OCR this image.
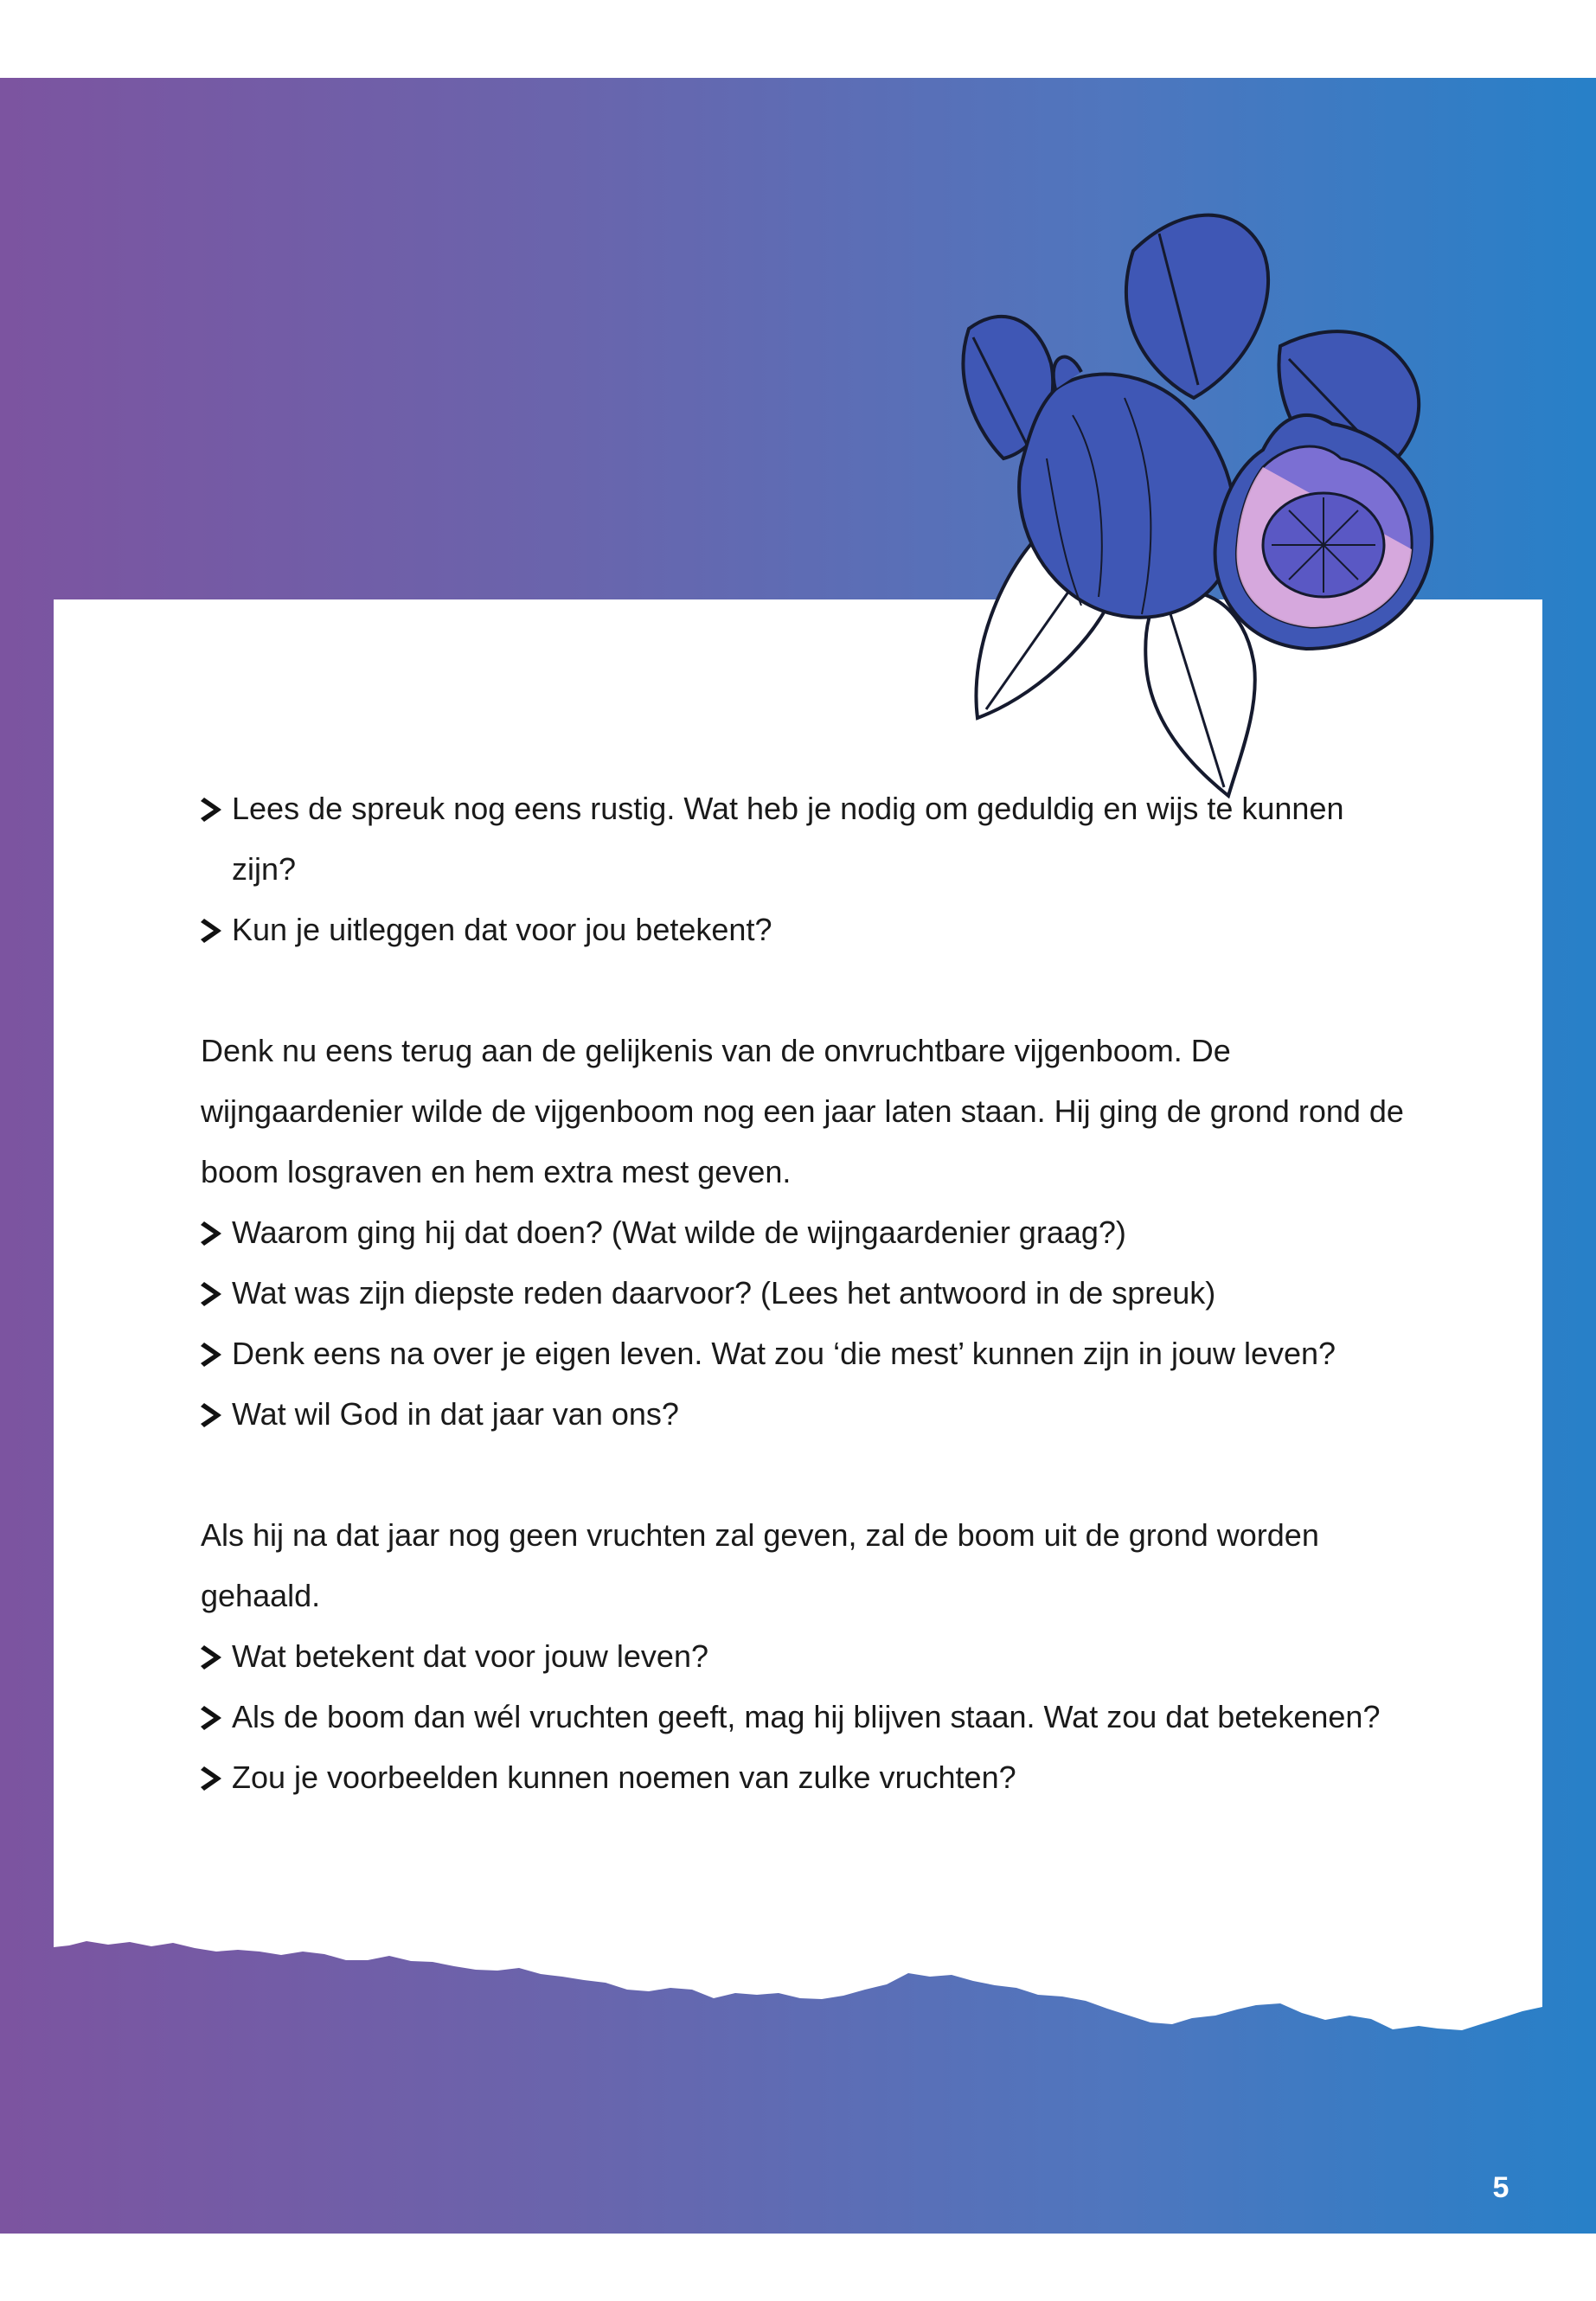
Lees de spreuk nog eens rustig. Wat heb je nodig om geduldig en wijs te kunnen zijn?
Kun je uitleggen dat voor jou betekent?

Denk nu eens terug aan de gelijkenis van de onvruchtbare vijgenboom. De wijngaardenier wilde de vijgenboom nog een jaar laten staan. Hij ging de grond rond de boom losgraven en hem extra mest geven.

Waarom ging hij dat doen? (Wat wilde de wijngaardenier graag?)
Wat was zijn diepste reden daarvoor? (Lees het antwoord in de spreuk)
Denk eens na over je eigen leven. Wat zou ‘die mest’ kunnen zijn in jouw leven?
Wat wil God in dat jaar van ons?

Als hij na dat jaar nog geen vruchten zal geven, zal de boom uit de grond worden gehaald.

Wat betekent dat voor jouw leven?
Als de boom dan wél vruchten geeft, mag hij blijven staan. Wat zou dat betekenen?
Zou je voorbeelden kunnen noemen van zulke vruchten?
5
